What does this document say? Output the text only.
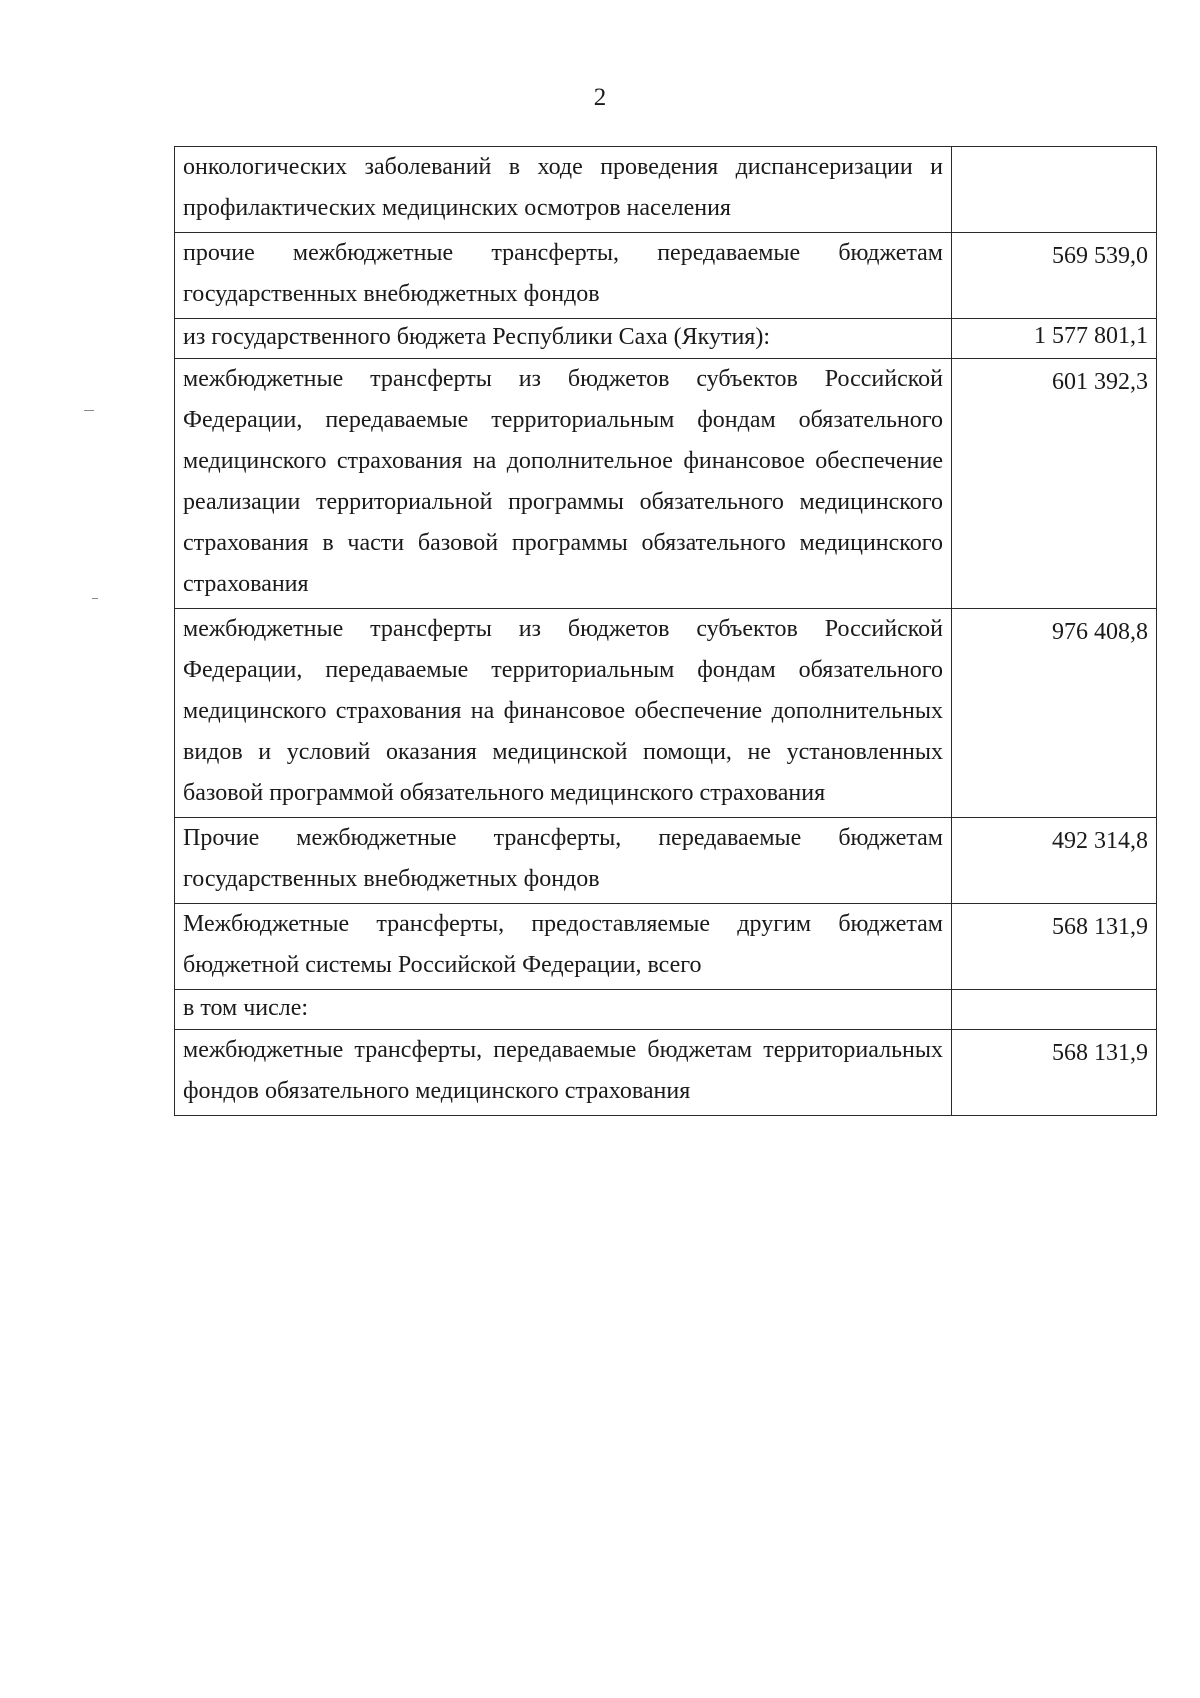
2
онкологических заболеваний в ходе проведения диспансеризации и профилактических медицинских осмотров населения	
прочие межбюджетные трансферты, передаваемые бюджетам государственных внебюджетных фондов	569 539,0
из государственного бюджета Республики Саха (Якутия):	1 577 801,1
межбюджетные трансферты из бюджетов субъектов Российской Федерации, передаваемые территориальным фондам обязательного медицинского страхования на дополнительное финансовое обеспечение реализации территориальной программы обязательного медицинского страхования в части базовой программы обязательного медицинского страхования	601 392,3
межбюджетные трансферты из бюджетов субъектов Российской Федерации, передаваемые территориальным фондам обязательного медицинского страхования на финансовое обеспечение дополнительных видов и условий оказания медицинской помощи, не установленных базовой программой обязательного медицинского страхования	976 408,8
Прочие межбюджетные трансферты, передаваемые бюджетам государственных внебюджетных фондов	492 314,8
Межбюджетные трансферты, предоставляемые другим бюджетам бюджетной системы Российской Федерации, всего	568 131,9
в том числе:	
межбюджетные трансферты, передаваемые бюджетам территориальных фондов обязательного медицинского страхования	568 131,9
